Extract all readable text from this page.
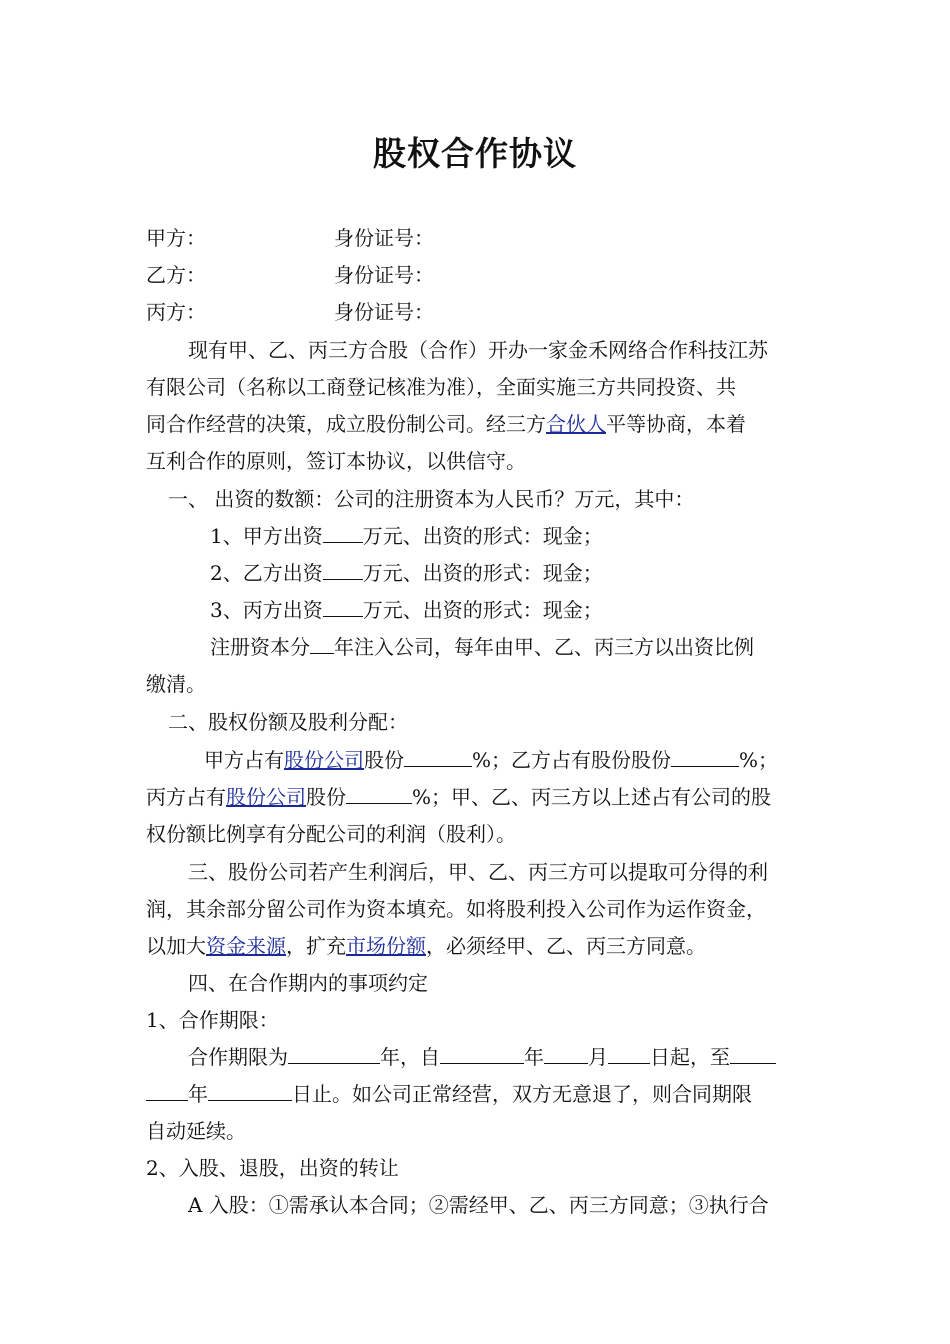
股权合作协议
甲方：	身份证号：
乙方：	身份证号：
丙方：	身份证号：
现有甲、乙、丙三方合股（合作）开办一家金禾网络合作科技江苏
有限公司（名称以工商登记核准为准），全面实施三方共同投资、共
同合作经营的决策，成立股份制公司。经三方合伙人平等协商，本着
互利合作的原则，签订本协议，以供信守。
一、 出资的数额：公司的注册资本为人民币？万元，其中：
1、甲方出资 万元、出资的形式：现金；
2、乙方出资 万元、出资的形式：现金；
3、丙方出资 万元、出资的形式：现金；
注册资本分 年注入公司，每年由甲、乙、丙三方以出资比例
缴清。
二、股权份额及股利分配：
甲方占有股份公司股份	%；乙方占有股份股份	%；
丙方占有股份公司股份	%；甲、乙、丙三方以上述占有公司的股
权份额比例享有分配公司的利润（股利）。
三、股份公司若产生利润后，甲、乙、丙三方可以提取可分得的利
润，其余部分留公司作为资本填充。如将股利投入公司作为运作资金，
以加大资金来源，扩充市场份额，必须经甲、乙、丙三方同意。
四、在合作期内的事项约定
1、合作期限：
合作期限为	年，自	年 月 日起，至
年	日止。如公司正常经营，双方无意退了，则合同期限
自动延续。
2、入股、退股，出资的转让
A 入股：①需承认本合同；②需经甲、乙、丙三方同意；③执行合
